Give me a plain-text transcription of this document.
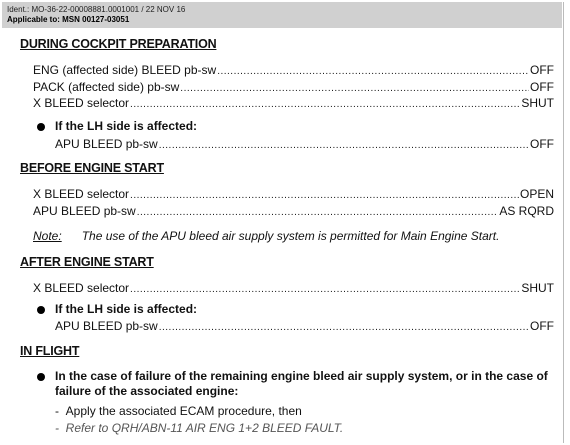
Ident.: MO-36-22-00008881.0001001 / 22 NOV 16
Applicable to: MSN 00127-03051
DURING COCKPIT PREPARATION
ENG (affected side) BLEED pb-sw .....	OFF
PACK (affected side) pb-sw .....	OFF
X BLEED selector .....	SHUT
If the LH side is affected:
APU BLEED pb-sw .....	OFF
BEFORE ENGINE START
X BLEED selector .....	OPEN
APU BLEED pb-sw .....	AS RQRD
Note: The use of the APU bleed air supply system is permitted for Main Engine Start.
AFTER ENGINE START
X BLEED selector .....	SHUT
If the LH side is affected:
APU BLEED pb-sw .....	OFF
IN FLIGHT
In the case of failure of the remaining engine bleed air supply system, or in the case of
failure of the associated engine:
- Apply the associated ECAM procedure, then
- Refer to QRH/ABN-11 AIR ENG 1+2 BLEED FAULT.
